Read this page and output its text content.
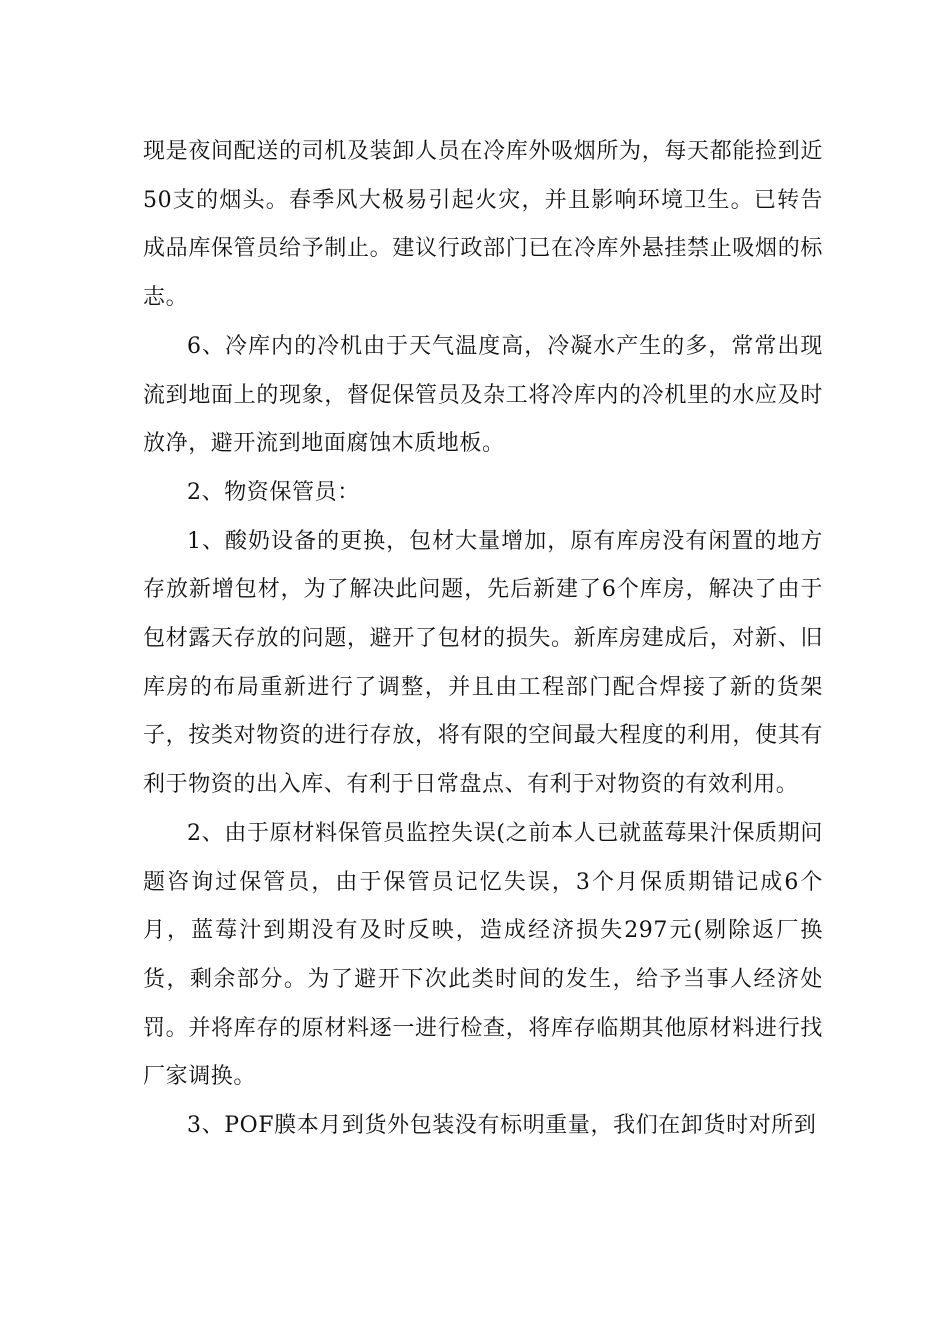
现是夜间配送的司机及装卸人员在冷库外吸烟所为，每天都能捡到近50支的烟头。春季风大极易引起火灾，并且影响环境卫生。已转告成品库保管员给予制止。建议行政部门已在冷库外悬挂禁止吸烟的标志。

6、冷库内的冷机由于天气温度高，冷凝水产生的多，常常出现流到地面上的现象，督促保管员及杂工将冷库内的冷机里的水应及时放净，避开流到地面腐蚀木质地板。

2、物资保管员：

1、酸奶设备的更换，包材大量增加，原有库房没有闲置的地方存放新增包材，为了解决此问题，先后新建了6个库房，解决了由于包材露天存放的问题，避开了包材的损失。新库房建成后，对新、旧库房的布局重新进行了调整，并且由工程部门配合焊接了新的货架子，按类对物资的进行存放，将有限的空间最大程度的利用，使其有利于物资的出入库、有利于日常盘点、有利于对物资的有效利用。

2、由于原材料保管员监控失误(之前本人已就蓝莓果汁保质期问题咨询过保管员，由于保管员记忆失误，3个月保质期错记成6个月，蓝莓汁到期没有及时反映，造成经济损失297元(剔除返厂换货，剩余部分。为了避开下次此类时间的发生，给予当事人经济处罚。并将库存的原材料逐一进行检查，将库存临期其他原材料进行找厂家调换。

3、POF膜本月到货外包装没有标明重量，我们在卸货时对所到
